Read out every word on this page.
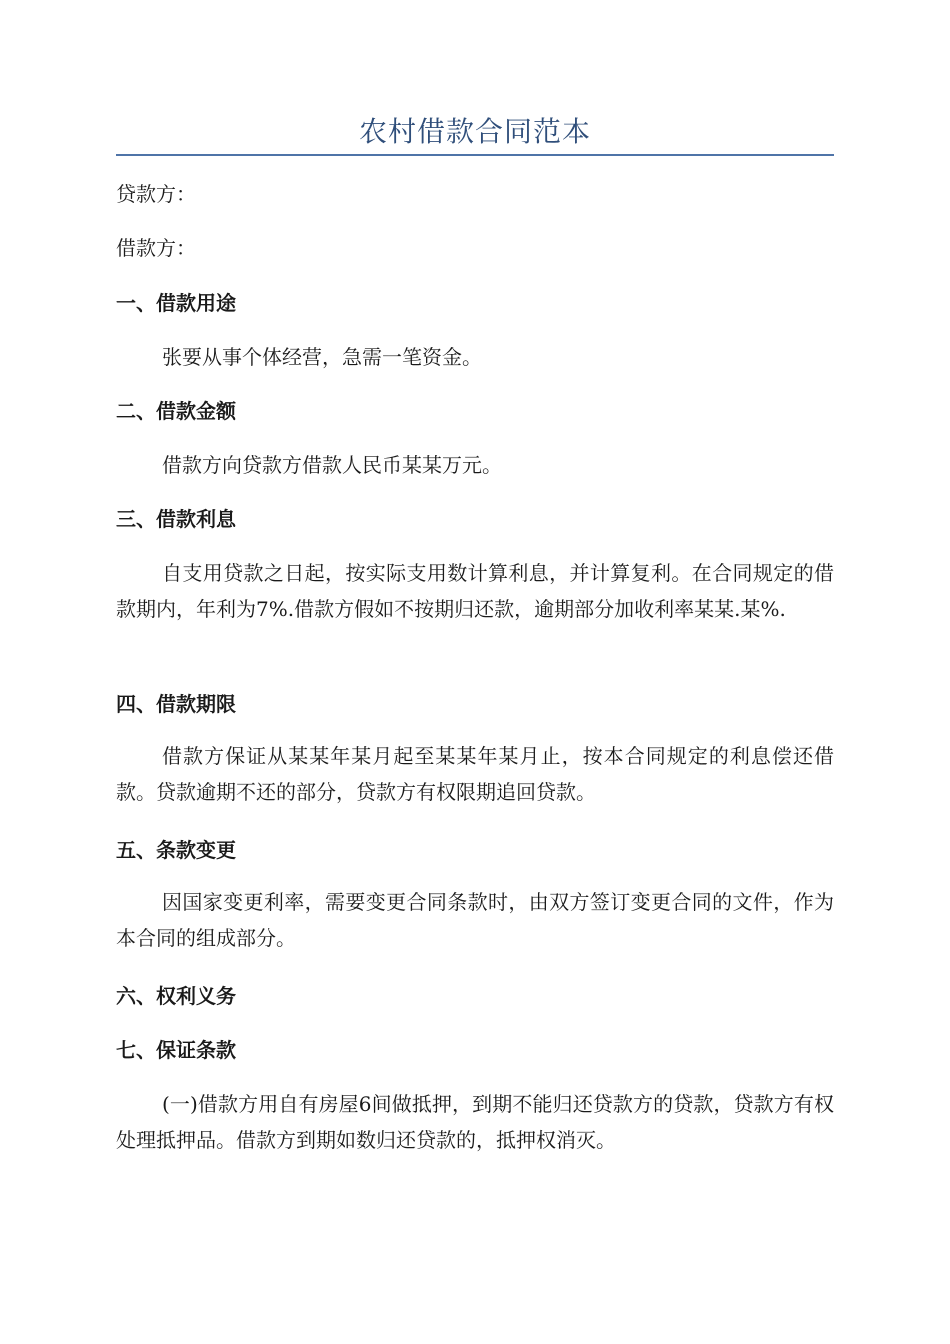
农村借款合同范本
贷款方：
借款方：
一、借款用途
张要从事个体经营，急需一笔资金。
二、借款金额
借款方向贷款方借款人民币某某万元。
三、借款利息
自支用贷款之日起，按实际支用数计算利息，并计算复利。在合同规定的借款期内，年利为7%.借款方假如不按期归还款，逾期部分加收利率某某.某%.
四、借款期限
借款方保证从某某年某月起至某某年某月止，按本合同规定的利息偿还借款。贷款逾期不还的部分，贷款方有权限期追回贷款。
五、条款变更
因国家变更利率，需要变更合同条款时，由双方签订变更合同的文件，作为本合同的组成部分。
六、权利义务
七、保证条款
(一)借款方用自有房屋6间做抵押，到期不能归还贷款方的贷款，贷款方有权处理抵押品。借款方到期如数归还贷款的，抵押权消灭。
